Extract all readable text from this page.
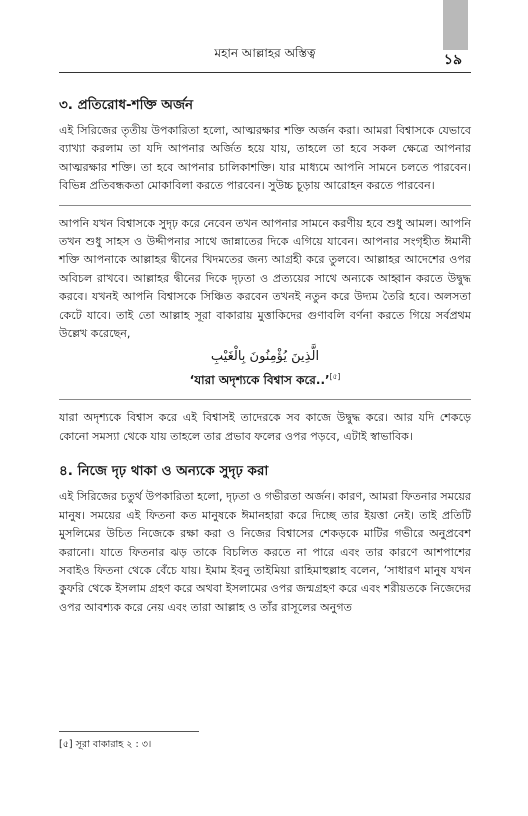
মহান আল্লাহর অস্তিত্ব	১৯
৩. প্রতিরোধ-শক্তি অর্জন

এই সিরিজের তৃতীয় উপকারিতা হলো, আত্মরক্ষার শক্তি অর্জন করা। আমরা বিশ্বাসকে যেভাবে ব্যাখ্যা করলাম তা যদি আপনার অর্জিত হয়ে যায়, তাহলে তা হবে সকল ক্ষেত্রে আপনার আত্মরক্ষার শক্তি। তা হবে আপনার চালিকাশক্তি। যার মাধ্যমে আপনি সামনে চলতে পারবেন। বিভিন্ন প্রতিবন্ধকতা মোকাবিলা করতে পারবেন। সুউচ্চ চূড়ায় আরোহন করতে পারবেন।

আপনি যখন বিশ্বাসকে সুদৃঢ় করে নেবেন তখন আপনার সামনে করণীয় হবে শুধু আমল। আপনি তখন শুধু সাহস ও উদ্দীপনার সাথে জান্নাতের দিকে এগিয়ে যাবেন। আপনার সংগৃহীত ঈমানী শক্তি আপনাকে আল্লাহর দ্বীনের খিদমতের জন্য আগ্রহী করে তুলবে। আল্লাহর আদেশের ওপর অবিচল রাখবে। আল্লাহর দ্বীনের দিকে দৃঢ়তা ও প্রত্যয়ের সাথে অন্যকে আহ্বান করতে উদ্বুদ্ধ করবে। যখনই আপনি বিশ্বাসকে সিঞ্চিত করবেন তখনই নতুন করে উদ্যম তৈরি হবে। অলসতা কেটে যাবে। তাই তো আল্লাহ সূরা বাকারায় মুত্তাকিদের গুণাবলি বর্ণনা করতে গিয়ে সর্বপ্রথম উল্লেখ করেছেন,

الَّذِينَ يُؤْمِنُونَ بِالْغَيْبِ
‘যারা অদৃশ্যকে বিশ্বাস করে..’[৫]

যারা অদৃশ্যকে বিশ্বাস করে এই বিশ্বাসই তাদেরকে সব কাজে উদ্বুদ্ধ করে। আর যদি শেকড়ে কোনো সমস্যা থেকে যায় তাহলে তার প্রভাব ফলের ওপর পড়বে, এটাই স্বাভাবিক।

৪. নিজে দৃঢ় থাকা ও অন্যকে সুদৃঢ় করা

এই সিরিজের চতুর্থ উপকারিতা হলো, দৃঢ়তা ও গভীরতা অর্জন। কারণ, আমরা ফিতনার সময়ের মানুষ। সময়ের এই ফিতনা কত মানুষকে ঈমানহারা করে দিচ্ছে তার ইয়ত্তা নেই। তাই প্রতিটি মুসলিমের উচিত নিজেকে রক্ষা করা ও নিজের বিশ্বাসের শেকড়কে মাটির গভীরে অনুপ্রবেশ করানো। যাতে ফিতনার ঝড় তাকে বিচলিত করতে না পারে এবং তার কারণে আশপাশের সবাইও ফিতনা থেকে বেঁচে যায়। ইমাম ইবনু তাইমিয়া রাহিমাহুল্লাহ বলেন, ‘সাধারণ মানুষ যখন কুফরি থেকে ইসলাম গ্রহণ করে অথবা ইসলামের ওপর জন্মগ্রহণ করে এবং শরীয়তকে নিজেদের ওপর আবশ্যক করে নেয় এবং তারা আল্লাহ ও তাঁর রাসূলের অনুগত

[৫] সূরা বাকারাহ ২ : ৩।
